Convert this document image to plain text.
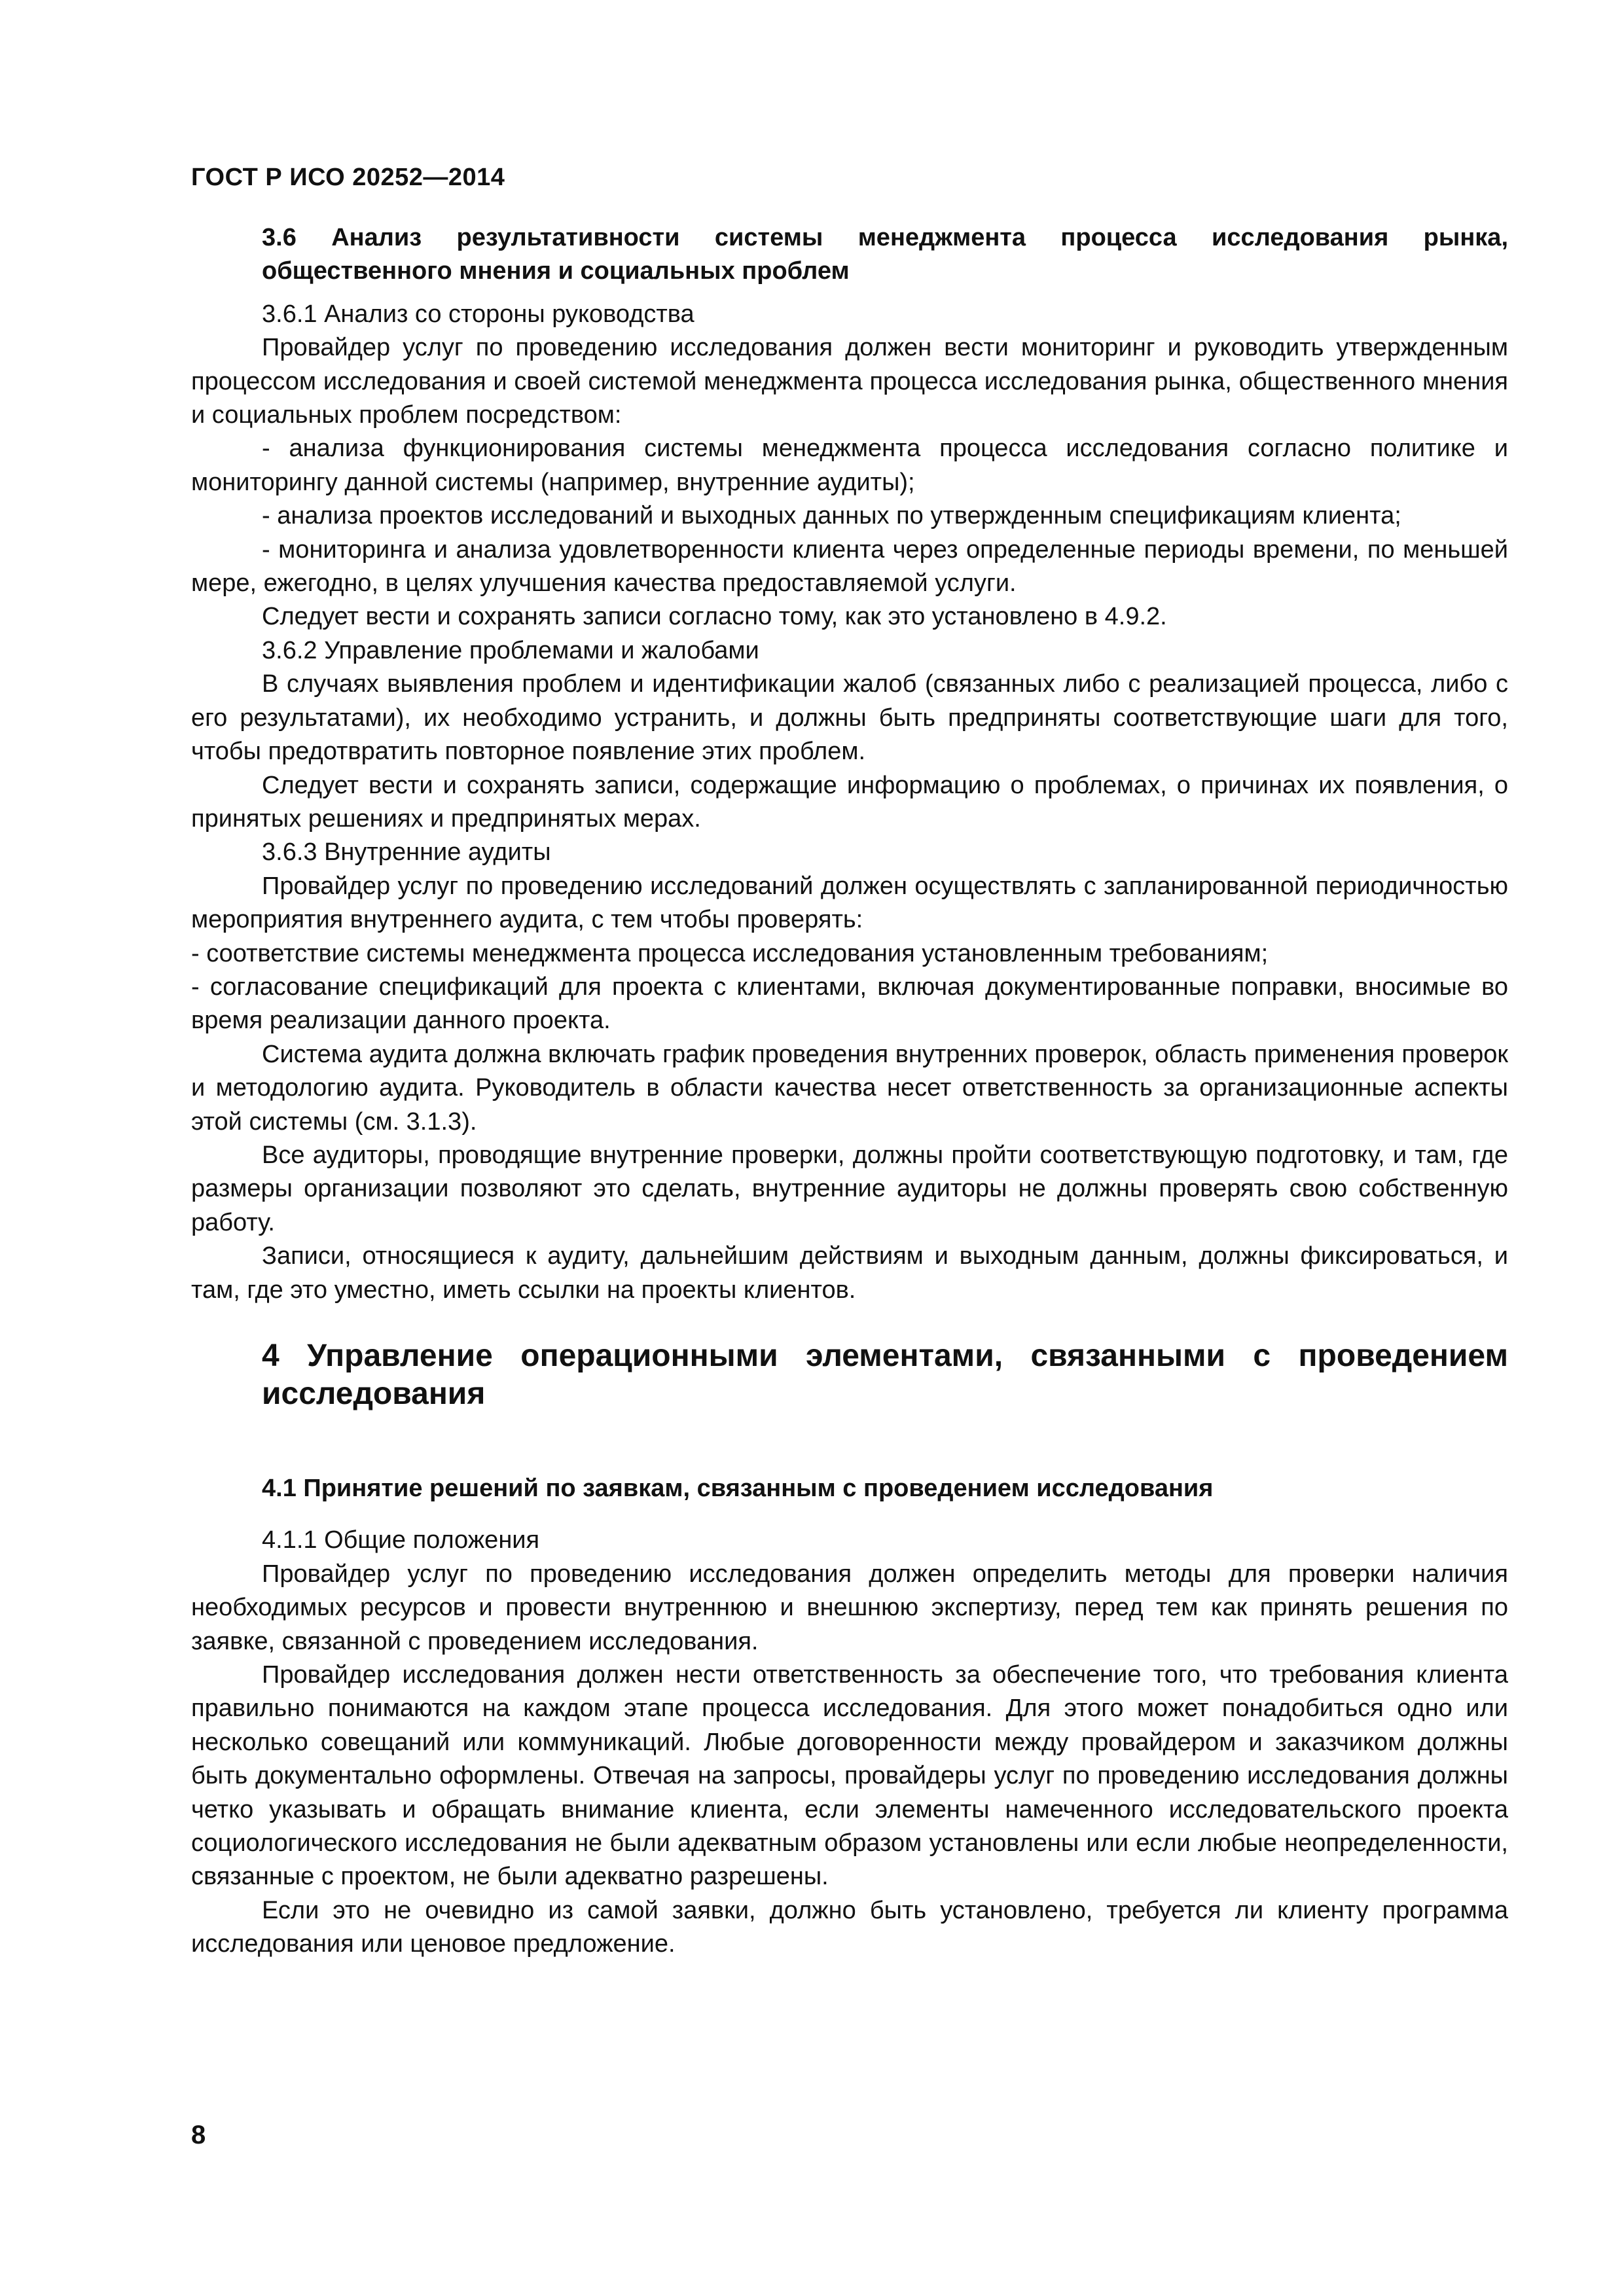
ГОСТ Р ИСО 20252—2014
3.6 Анализ результативности системы менеджмента процесса исследования рынка, общественного мнения и социальных проблем

3.6.1 Анализ со стороны руководства

Провайдер услуг по проведению исследования должен вести мониторинг и руководить утвержденным процессом исследования и своей системой менеджмента процесса исследования рынка, общественного мнения и социальных проблем посредством:

- анализа функционирования системы менеджмента процесса исследования согласно политике и мониторингу данной системы (например, внутренние аудиты);

- анализа проектов исследований и выходных данных по утвержденным спецификациям клиента;

- мониторинга и анализа удовлетворенности клиента через определенные периоды времени, по меньшей мере, ежегодно, в целях улучшения качества предоставляемой услуги.

Следует вести и сохранять записи согласно тому, как это установлено в 4.9.2.

3.6.2 Управление проблемами и жалобами

В случаях выявления проблем и идентификации жалоб (связанных либо с реализацией процесса, либо с его результатами), их необходимо устранить, и должны быть предприняты соответствующие шаги для того, чтобы предотвратить повторное появление этих проблем.

Следует вести и сохранять записи, содержащие информацию о проблемах, о причинах их появления, о принятых решениях и предпринятых мерах.

3.6.3 Внутренние аудиты

Провайдер услуг по проведению исследований должен осуществлять с запланированной периодичностью мероприятия внутреннего аудита, с тем чтобы проверять:

- соответствие системы менеджмента процесса исследования установленным требованиям;

- согласование спецификаций для проекта с клиентами, включая документированные поправки, вносимые во время реализации данного проекта.

Система аудита должна включать график проведения внутренних проверок, область применения проверок и методологию аудита. Руководитель в области качества несет ответственность за организационные аспекты этой системы (см. 3.1.3).

Все аудиторы, проводящие внутренние проверки, должны пройти соответствующую подготовку, и там, где размеры организации позволяют это сделать, внутренние аудиторы не должны проверять свою собственную работу.

Записи, относящиеся к аудиту, дальнейшим действиям и выходным данным, должны фиксироваться, и там, где это уместно, иметь ссылки на проекты клиентов.

4 Управление операционными элементами, связанными с проведением исследования
4.1 Принятие решений по заявкам, связанным с проведением исследования

4.1.1 Общие положения

Провайдер услуг по проведению исследования должен определить методы для проверки наличия необходимых ресурсов и провести внутреннюю и внешнюю экспертизу, перед тем как принять решения по заявке, связанной с проведением исследования.

Провайдер исследования должен нести ответственность за обеспечение того, что требования клиента правильно понимаются на каждом этапе процесса исследования. Для этого может понадобиться одно или несколько совещаний или коммуникаций. Любые договоренности между провайдером и заказчиком должны быть документально оформлены. Отвечая на запросы, провайдеры услуг по проведению исследования должны четко указывать и обращать внимание клиента, если элементы намеченного исследовательского проекта социологического исследования не были адекватным образом установлены или если любые неопределенности, связанные с проектом, не были адекватно разрешены.

Если это не очевидно из самой заявки, должно быть установлено, требуется ли клиенту программа исследования или ценовое предложение.

8
